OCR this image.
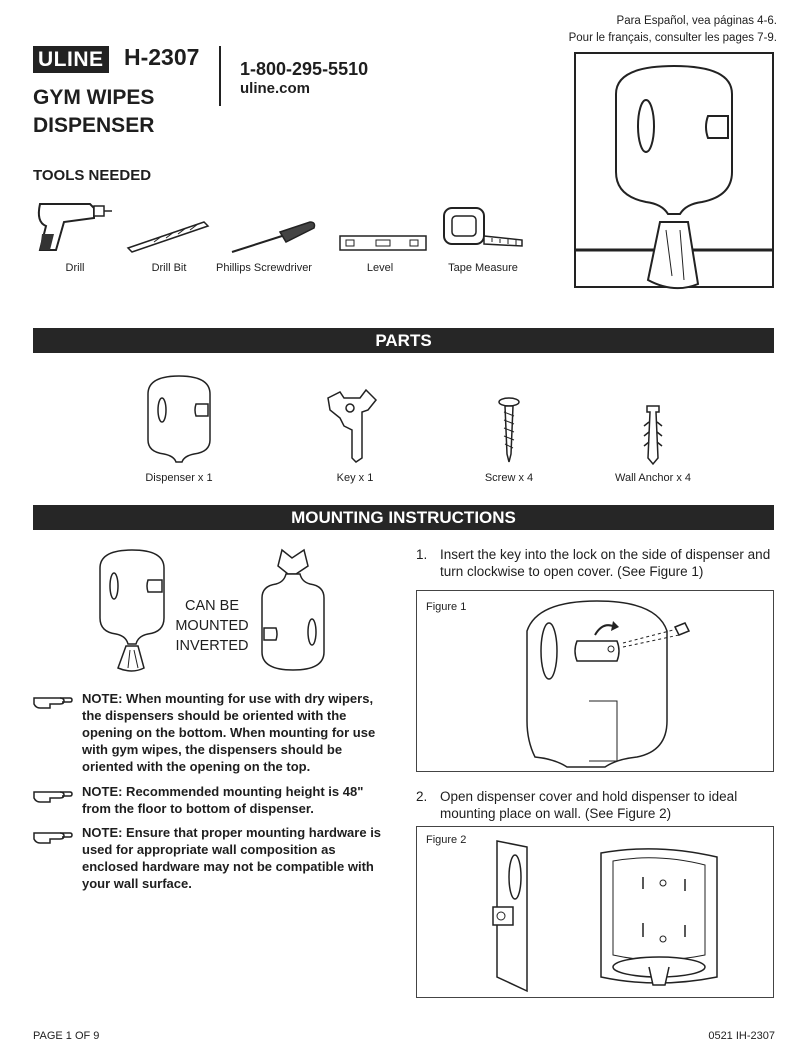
Para Español, vea páginas 4-6.
Pour le français, consulter les pages 7-9.
ULINE H-2307
GYM WIPES
DISPENSER
1-800-295-5510
uline.com
TOOLS NEEDED
Drill	Drill Bit	Phillips Screwdriver	Level	Tape Measure
PARTS
Dispenser x 1	Key x 1	Screw x 4	Wall Anchor x 4
MOUNTING INSTRUCTIONS
CAN BE
MOUNTED
INVERTED
NOTE: When mounting for use with dry wipers, the dispensers should be oriented with the opening on the bottom. When mounting for use with gym wipes, the dispensers should be oriented with the opening on the top.
NOTE: Recommended mounting height is 48" from the floor to bottom of dispenser.
NOTE: Ensure that proper mounting hardware is used for appropriate wall composition as enclosed hardware may not be compatible with your wall surface.
1. Insert the key into the lock on the side of dispenser and turn clockwise to open cover. (See Figure 1)
Figure 1
2. Open dispenser cover and hold dispenser to ideal mounting place on wall. (See Figure 2)
Figure 2
PAGE 1 OF 9	0521 IH-2307
